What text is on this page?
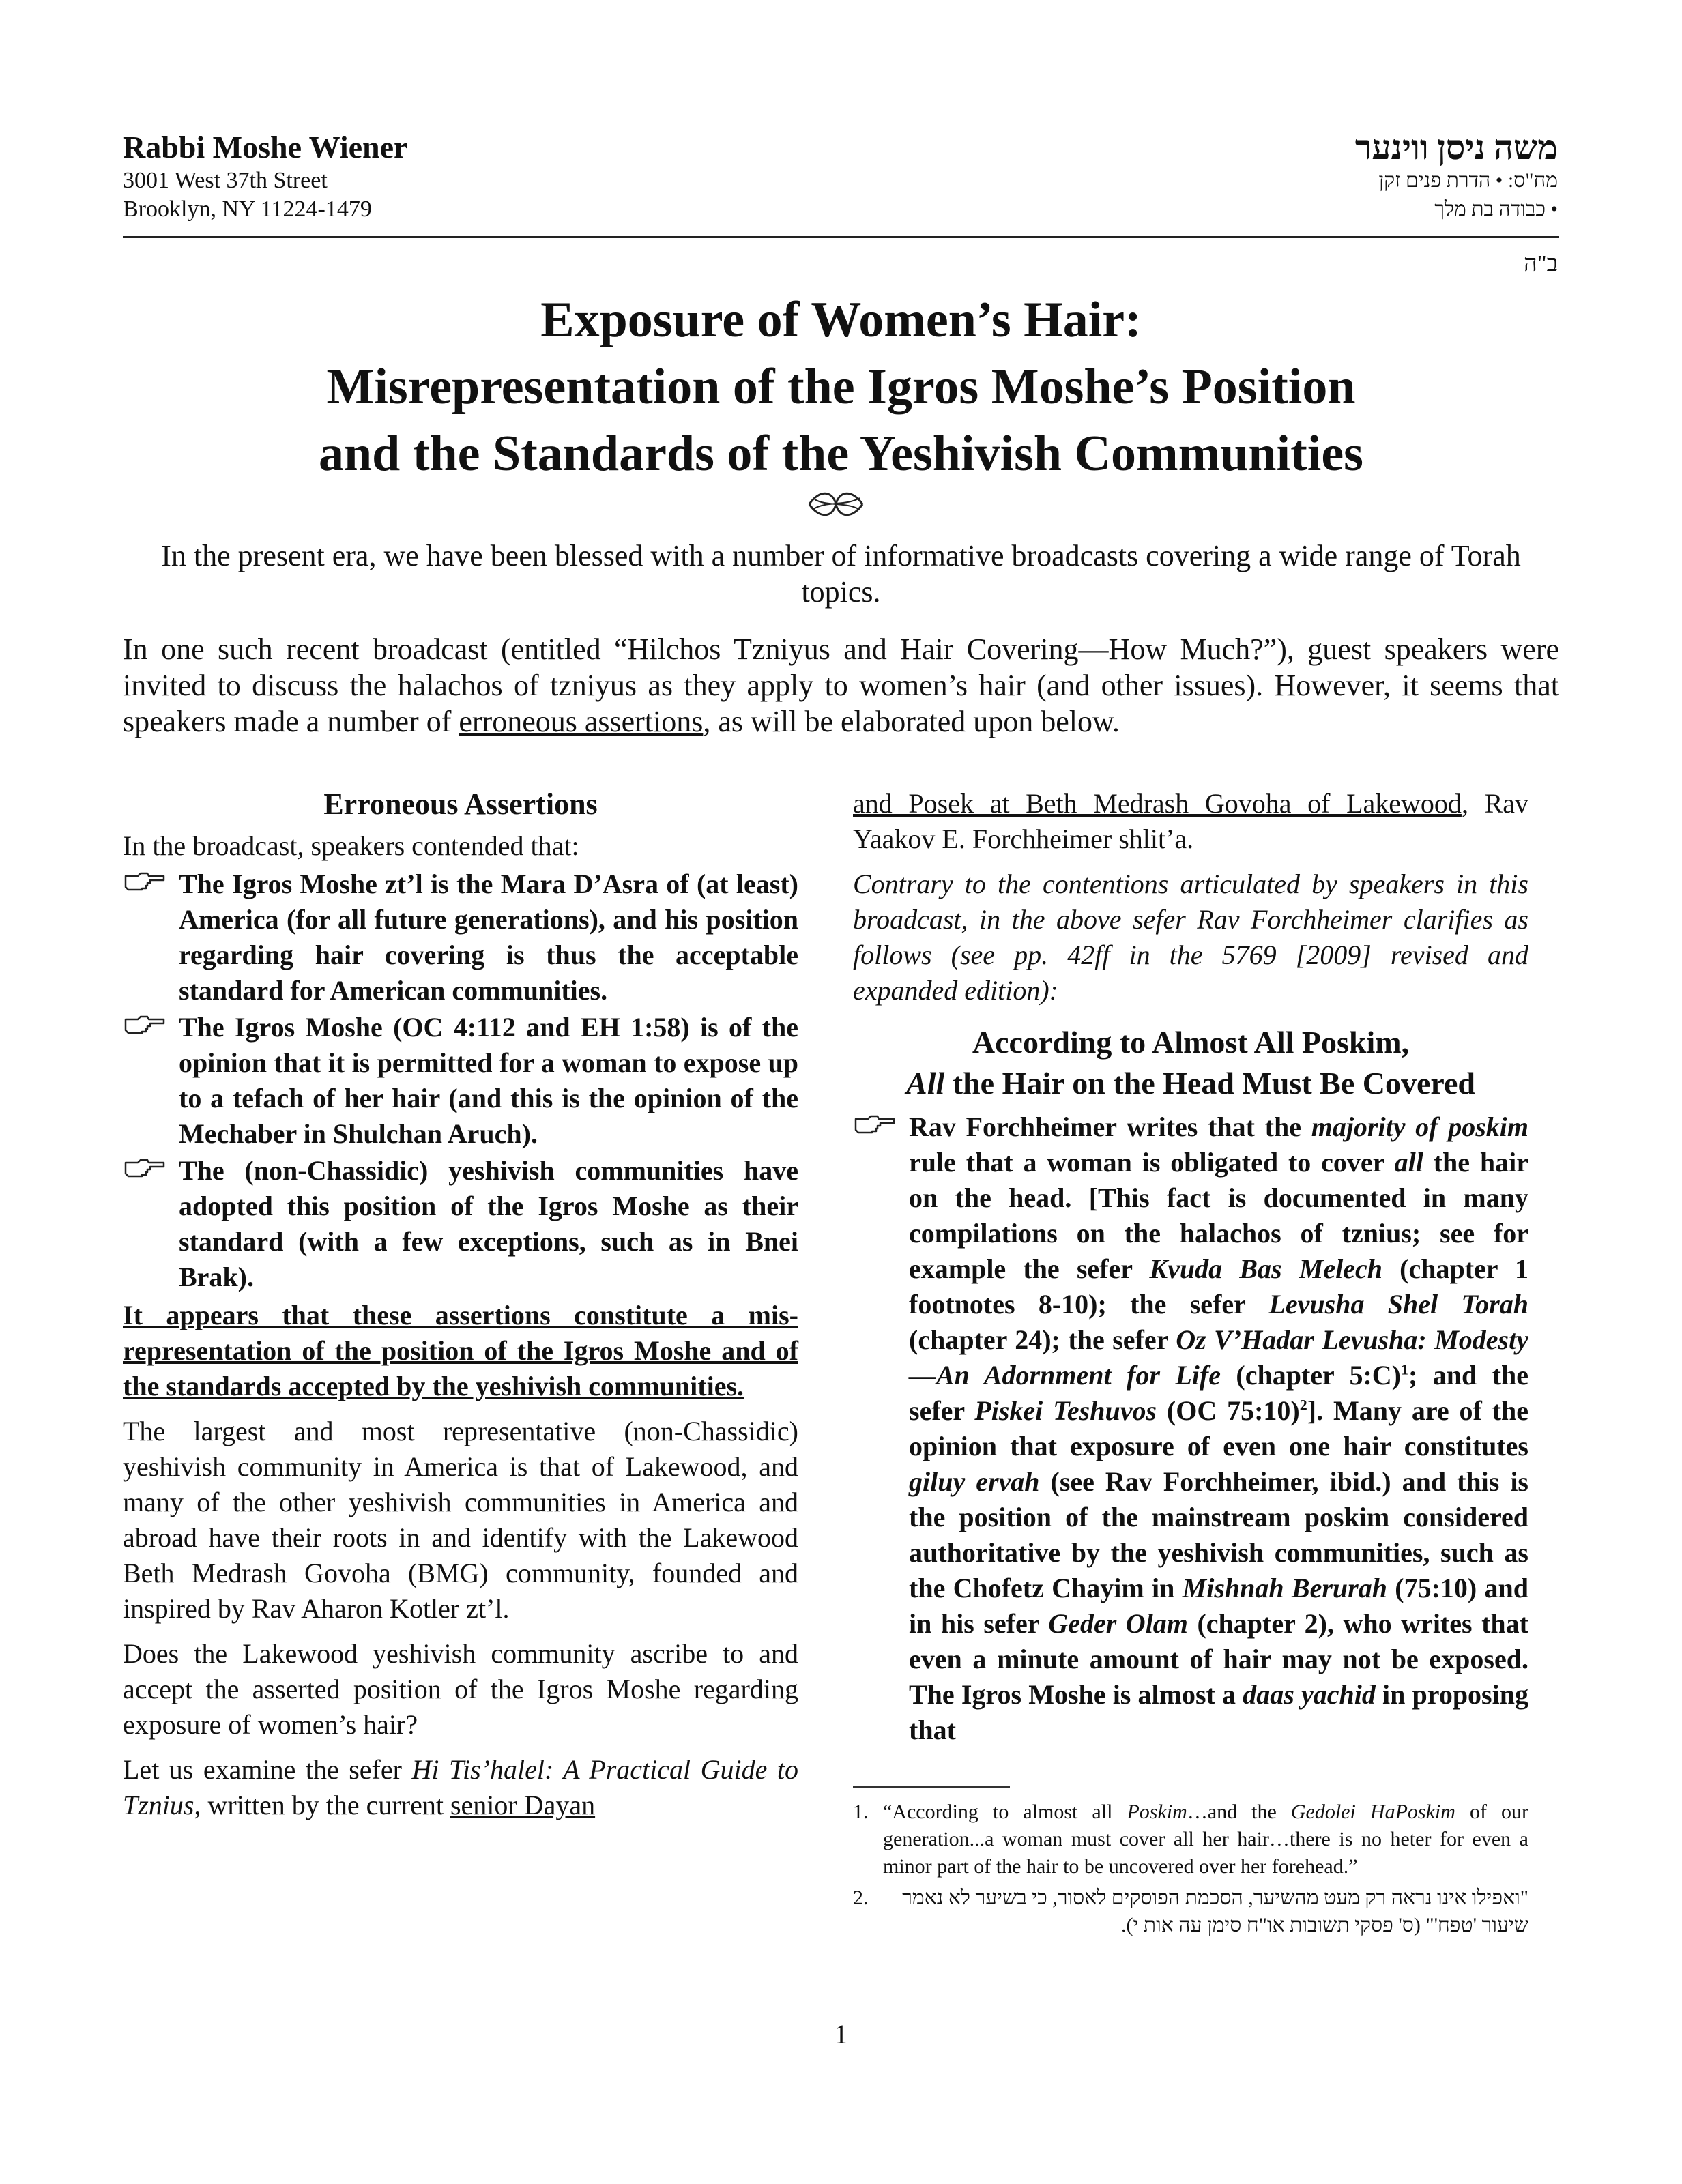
Rabbi Moshe Wiener
3001 West 37th Street
Brooklyn, NY 11224-1479
משה ניסן ווינער
מח"ס: • הדרת פנים זקן
• כבודה בת מלך
ב"ה
Exposure of Women’s Hair:
Misrepresentation of the Igros Moshe’s Position
and the Standards of the Yeshivish Communities
In the present era, we have been blessed with a number of informative broadcasts covering a wide range of Torah topics.
In one such recent broadcast (entitled “Hilchos Tzniyus and Hair Covering—How Much?”), guest speakers were invited to discuss the halachos of tzniyus as they apply to women’s hair (and other issues). However, it seems that speakers made a number of erroneous assertions, as will be elaborated upon below.
Erroneous Assertions

In the broadcast, speakers contended that:

The Igros Moshe zt’l is the Mara D’Asra of (at least) America (for all future generations), and his position regarding hair covering is thus the acceptable standard for American communities.
The Igros Moshe (OC 4:112 and EH 1:58) is of the opinion that it is permitted for a woman to expose up to a tefach of her hair (and this is the opinion of the Mechaber in Shulchan Aruch).
The (non-Chassidic) yeshivish communities have adopted this position of the Igros Moshe as their standard (with a few exceptions, such as in Bnei Brak).

It appears that these assertions constitute a mis-representation of the position of the Igros Moshe and of the standards accepted by the yeshivish communities.

The largest and most representative (non-Chassidic) yeshivish community in America is that of Lakewood, and many of the other yeshivish communities in America and abroad have their roots in and identify with the Lakewood Beth Medrash Govoha (BMG) community, founded and inspired by Rav Aharon Kotler zt’l.

Does the Lakewood yeshivish community ascribe to and accept the asserted position of the Igros Moshe regarding exposure of women’s hair?

Let us examine the sefer Hi Tis’halel: A Practical Guide to Tznius, written by the current senior Dayan

and Posek at Beth Medrash Govoha of Lakewood, Rav Yaakov E. Forchheimer shlit’a.

Contrary to the contentions articulated by speakers in this broadcast, in the above sefer Rav Forchheimer clarifies as follows (see pp. 42ff in the 5769 [2009] revised and expanded edition):

According to Almost All Poskim,
All the Hair on the Head Must Be Covered
Rav Forchheimer writes that the majority of poskim rule that a woman is obligated to cover all the hair on the head. [This fact is documented in many compilations on the halachos of tznius; see for example the sefer Kvuda Bas Melech (chapter 1 footnotes 8-10); the sefer Levusha Shel Torah (chapter 24); the sefer Oz V’Hadar Levusha: Modesty—An Adornment for Life (chapter 5:C)$^1$; and the sefer Piskei Teshuvos (OC 75:10)$^2$]. Many are of the opinion that exposure of even one hair constitutes giluy ervah (see Rav Forchheimer, ibid.) and this is the position of the mainstream poskim considered authoritative by the yeshivish communities, such as the Chofetz Chayim in Mishnah Berurah (75:10) and in his sefer Geder Olam (chapter 2), who writes that even a minute amount of hair may not be exposed. The Igros Moshe is almost a daas yachid in proposing that
1. “According to almost all Poskim…and the Gedolei HaPoskim of our generation...a woman must cover all her hair…there is no heter for even a minor part of the hair to be uncovered over her forehead.”
2.	"ואפילו אינו נראה רק מעט מהשיער, הסכמת הפוסקים לאסור, כי בשיער לא נאמר שיעור 'טפח'" (ס' פסקי תשובות או"ח סימן עה אות י).
1
